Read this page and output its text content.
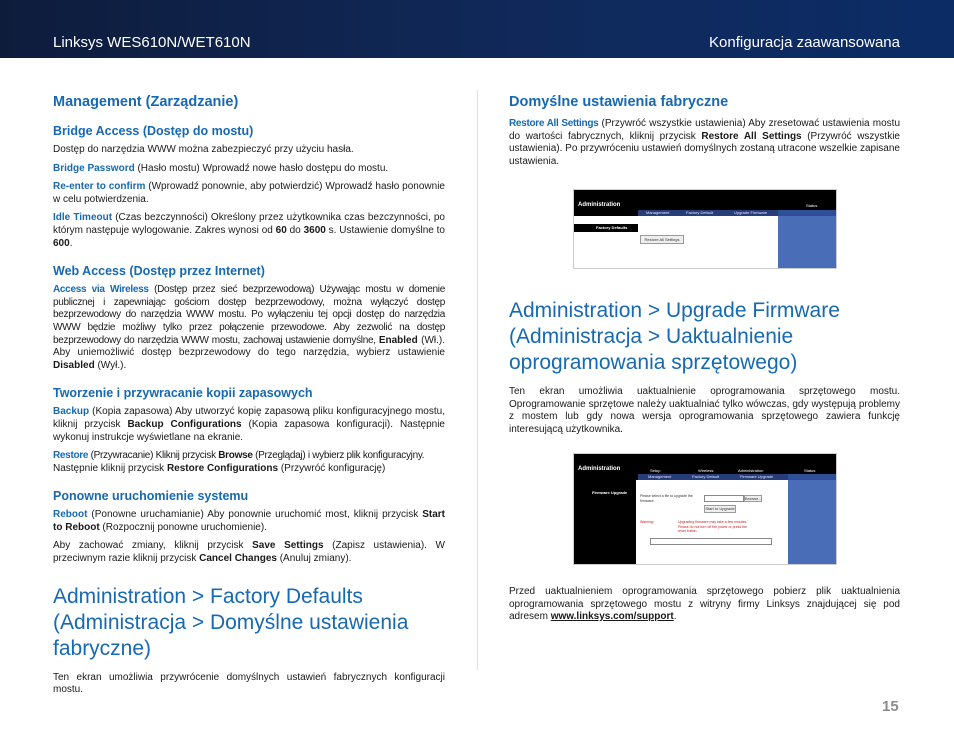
Linksys WES610N/WET610N	Konfiguracja zaawansowana
Management (Zarządzanie)
Bridge Access (Dostęp do mostu)

Dostęp do narzędzia WWW można zabezpieczyć przy użyciu hasła.

Bridge Password (Hasło mostu) Wprowadź nowe hasło dostępu do mostu.

Re-enter to confirm (Wprowadź ponownie, aby potwierdzić) Wprowadź hasło ponownie w celu potwierdzenia.

Idle Timeout (Czas bezczynności) Określony przez użytkownika czas bezczynności, po którym następuje wylogowanie. Zakres wynosi od 60 do 3600 s. Ustawienie domyślne to 600.

Web Access (Dostęp przez Internet)

Access via Wireless (Dostęp przez sieć bezprzewodową) Używając mostu w domenie publicznej i zapewniając gościom dostęp bezprzewodowy, można wyłączyć dostęp bezprzewodowy do narzędzia WWW mostu. Po wyłączeniu tej opcji dostęp do narzędzia WWW będzie możliwy tylko przez połączenie przewodowe. Aby zezwolić na dostęp bezprzewodowy do narzędzia WWW mostu, zachowaj ustawienie domyślne, Enabled (Wł.). Aby uniemożliwić dostęp bezprzewodowy do tego narzędzia, wybierz ustawienie Disabled (Wył.).

Tworzenie i przywracanie kopii zapasowych

Backup (Kopia zapasowa) Aby utworzyć kopię zapasową pliku konfiguracyjnego mostu, kliknij przycisk Backup Configurations (Kopia zapasowa konfiguracji). Następnie wykonuj instrukcje wyświetlane na ekranie.

Restore (Przywracanie) Kliknij przycisk Browse (Przeglądaj) i wybierz plik konfiguracyjny.
Następnie kliknij przycisk Restore Configurations (Przywróć konfigurację)

Ponowne uruchomienie systemu

Reboot (Ponowne uruchamianie) Aby ponownie uruchomić most, kliknij przycisk Start to Reboot (Rozpocznij ponowne uruchomienie).

Aby zachować zmiany, kliknij przycisk Save Settings (Zapisz ustawienia). W przeciwnym razie kliknij przycisk Cancel Changes (Anuluj zmiany).

Administration > Factory Defaults (Administracja > Domyślne ustawienia fabryczne)

Ten ekran umożliwia przywrócenie domyślnych ustawień fabrycznych konfiguracji mostu.

Domyślne ustawienia fabryczne

Restore All Settings (Przywróć wszystkie ustawienia) Aby zresetować ustawienia mostu do wartości fabrycznych, kliknij przycisk Restore All Settings (Przywróć wszystkie ustawienia). Po przywróceniu ustawień domyślnych zostaną utracone wszelkie zapisane ustawienia.

Administration
Management	Factory Default	Upgrade Firmware
Status
Factory Defaults
Restore All Settings
Administration > Upgrade Firmware (Administracja > Uaktualnienie oprogramowania sprzętowego)

Ten ekran umożliwia uaktualnienie oprogramowania sprzętowego mostu. Oprogramowanie sprzętowe należy uaktualniać tylko wówczas, gdy występują problemy z mostem lub gdy nowa wersja oprogramowania sprzętowego zawiera funkcję interesującą użytkownika.

Administration	Setup	Wireless	Administration	Status
Management	Factory Default	Firmware Upgrade
Firmware Upgrade
Please select a file to upgrade the firmware:	Browse...
Start to Upgrade
Warning:	Upgrading firmware may take a few minutes. Please do not turn off the power or press the reset button.

Przed uaktualnieniem oprogramowania sprzętowego pobierz plik uaktualnienia oprogramowania sprzętowego mostu z witryny firmy Linksys znajdującej się pod adresem www.linksys.com/support.

15
